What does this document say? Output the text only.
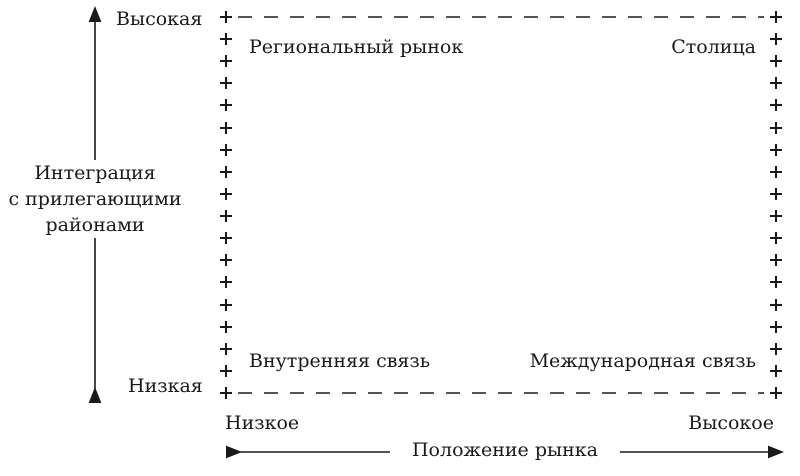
Интеграция
с прилегающими
районами
Высокая
Низкая
Региональный рынок	Столица
Внутренняя связь	Международная связь
Низкое	Высокое
Положение рынка
